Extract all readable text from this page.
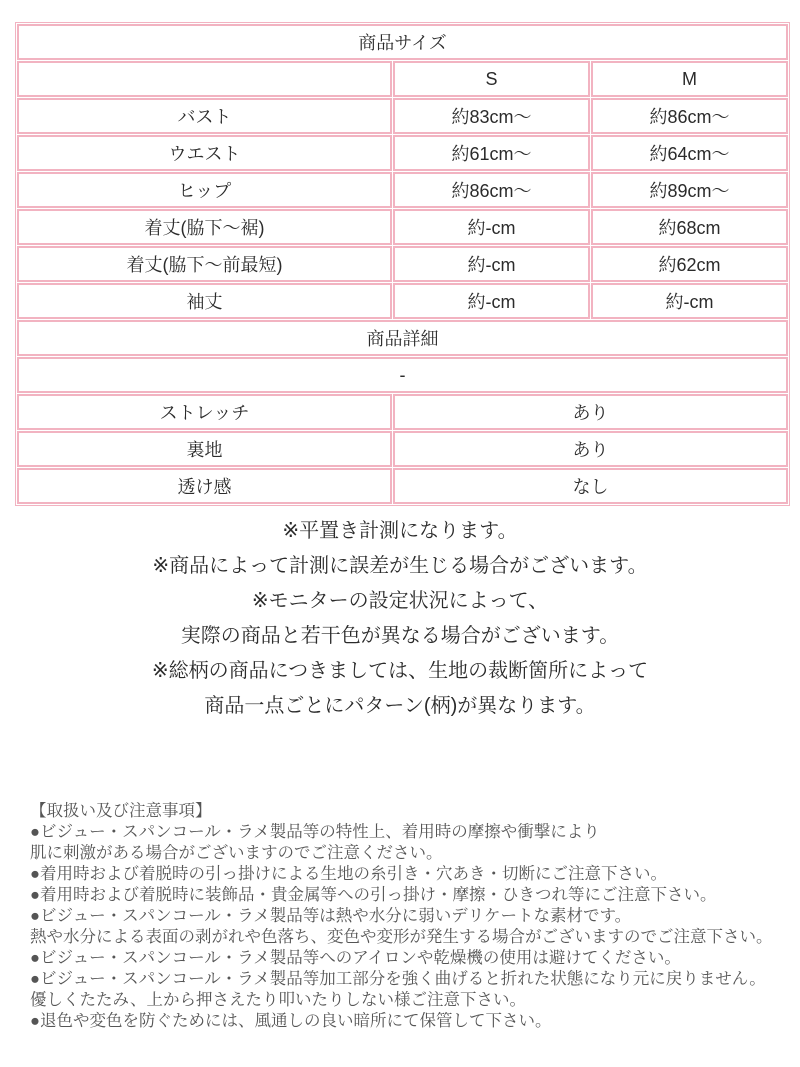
商品サイズ		
	S	M
バスト	約83cm〜	約86cm〜
ウエスト	約61cm〜	約64cm〜
ヒップ	約86cm〜	約89cm〜
着丈(脇下〜裾)	約-cm	約68cm
着丈(脇下〜前最短)	約-cm	約62cm
袖丈	約-cm	約-cm
商品詳細		
-		
ストレッチ	あり	
裏地	あり	
透け感	なし	
※平置き計測になります。
※商品によって計測に誤差が生じる場合がございます。
※モニターの設定状況によって、
実際の商品と若干色が異なる場合がございます。
※総柄の商品につきましては、生地の裁断箇所によって
商品一点ごとにパターン(柄)が異なります。
【取扱い及び注意事項】
●ビジュー・スパンコール・ラメ製品等の特性上、着用時の摩擦や衝撃により
肌に刺激がある場合がございますのでご注意ください。
●着用時および着脱時の引っ掛けによる生地の糸引き・穴あき・切断にご注意下さい。
●着用時および着脱時に装飾品・貴金属等への引っ掛け・摩擦・ひきつれ等にご注意下さい。
●ビジュー・スパンコール・ラメ製品等は熱や水分に弱いデリケートな素材です。
熱や水分による表面の剥がれや色落ち、変色や変形が発生する場合がございますのでご注意下さい。
●ビジュー・スパンコール・ラメ製品等へのアイロンや乾燥機の使用は避けてください。
●ビジュー・スパンコール・ラメ製品等加工部分を強く曲げると折れた状態になり元に戻りません。
優しくたたみ、上から押さえたり叩いたりしない様ご注意下さい。
●退色や変色を防ぐためには、風通しの良い暗所にて保管して下さい。
